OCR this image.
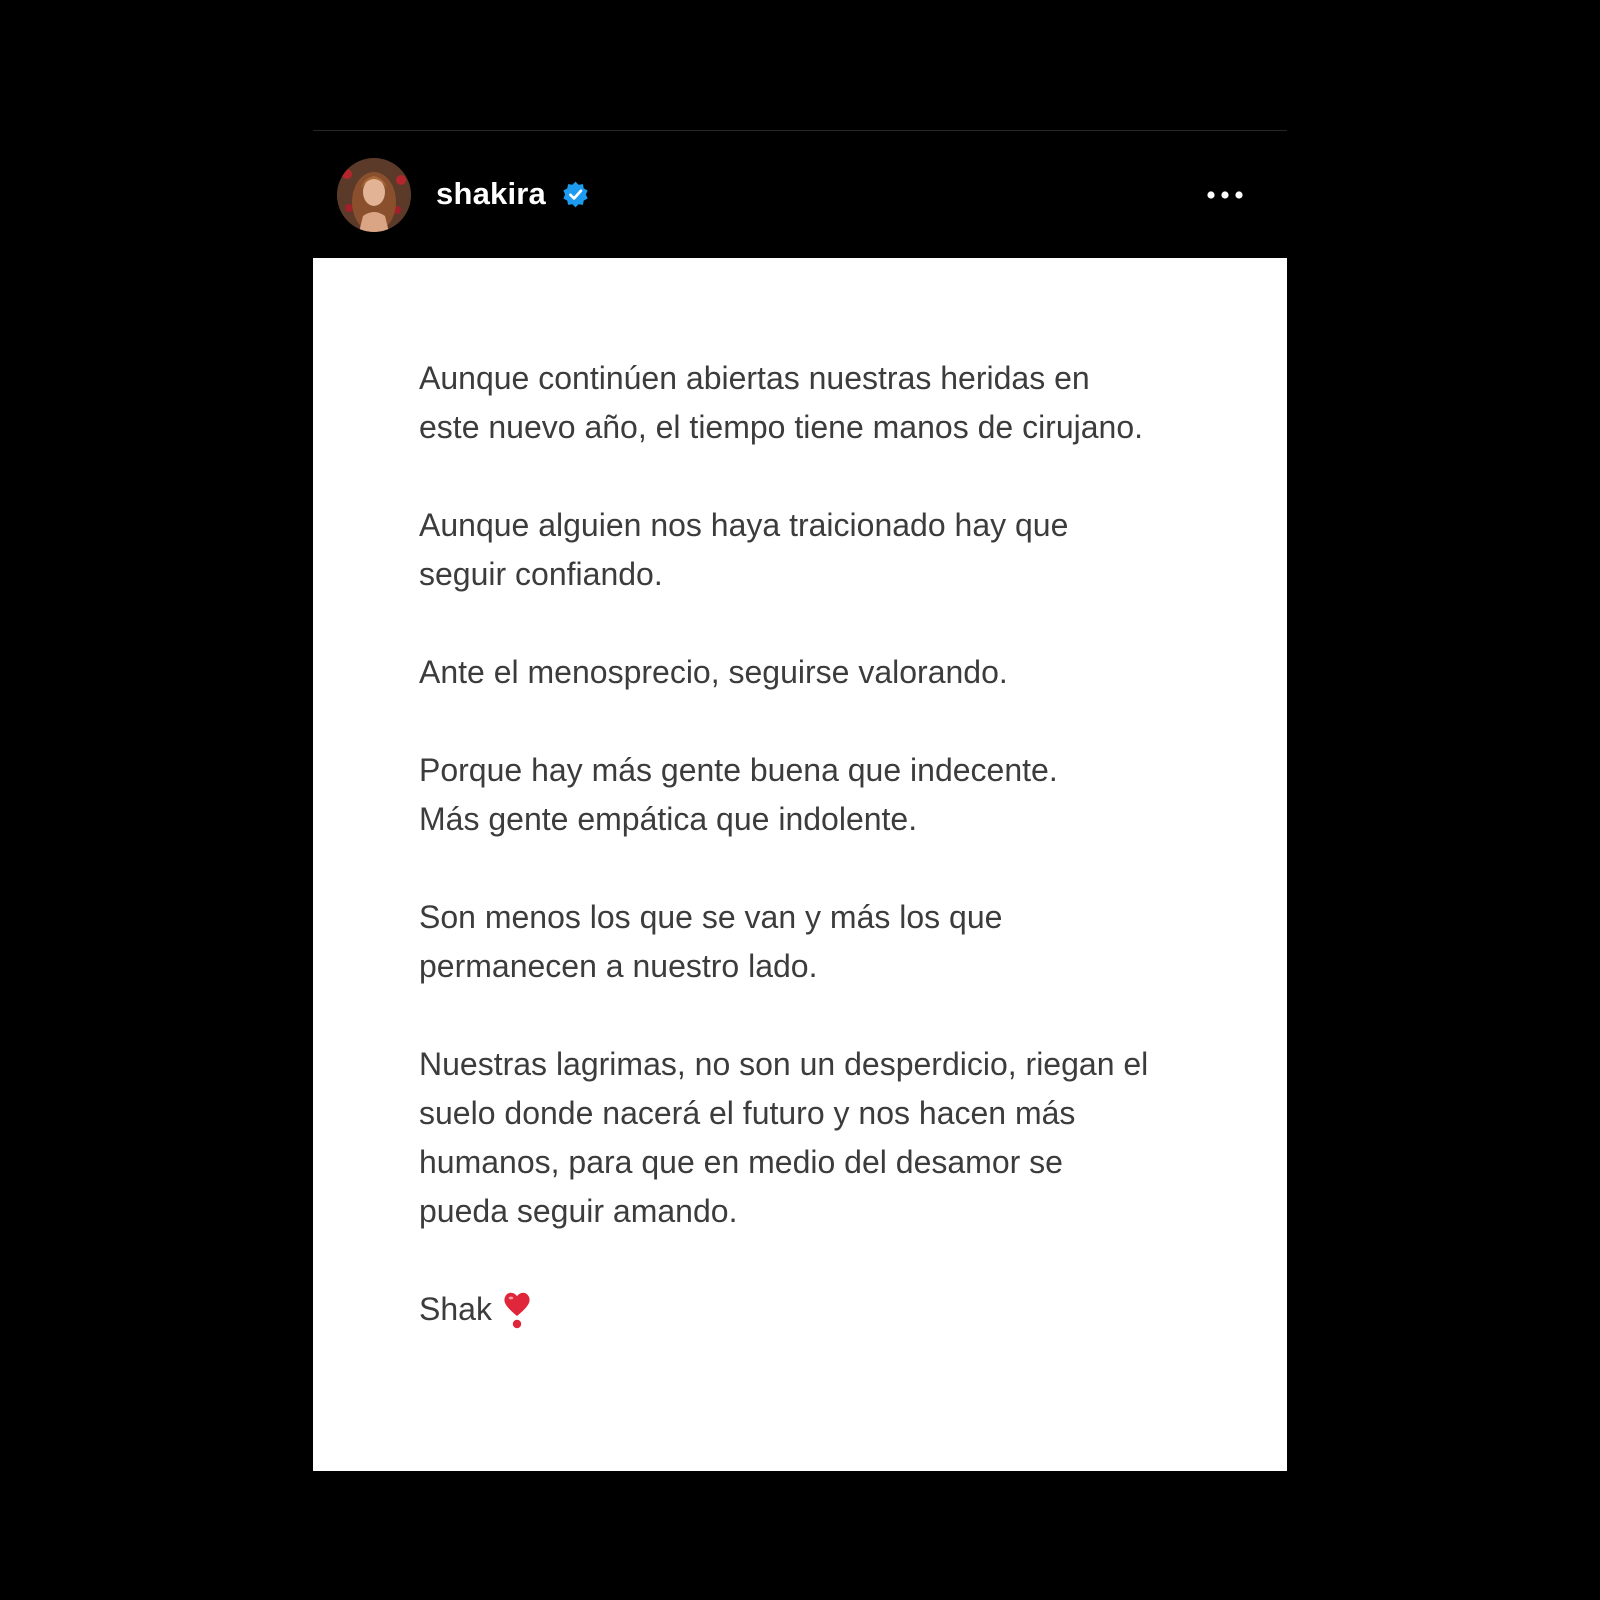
shakira
Aunque continúen abiertas nuestras heridas en
este nuevo año, el tiempo tiene manos de cirujano.
Aunque alguien nos haya traicionado hay que
seguir confiando.
Ante el menosprecio, seguirse valorando.
Porque hay más gente buena que indecente.
Más gente empática que indolente.
Son menos los que se van y más los que
permanecen a nuestro lado.
Nuestras lagrimas, no son un desperdicio, riegan el
suelo donde nacerá el futuro y nos hacen más
humanos, para que en medio del desamor se
pueda seguir amando.
Shak
